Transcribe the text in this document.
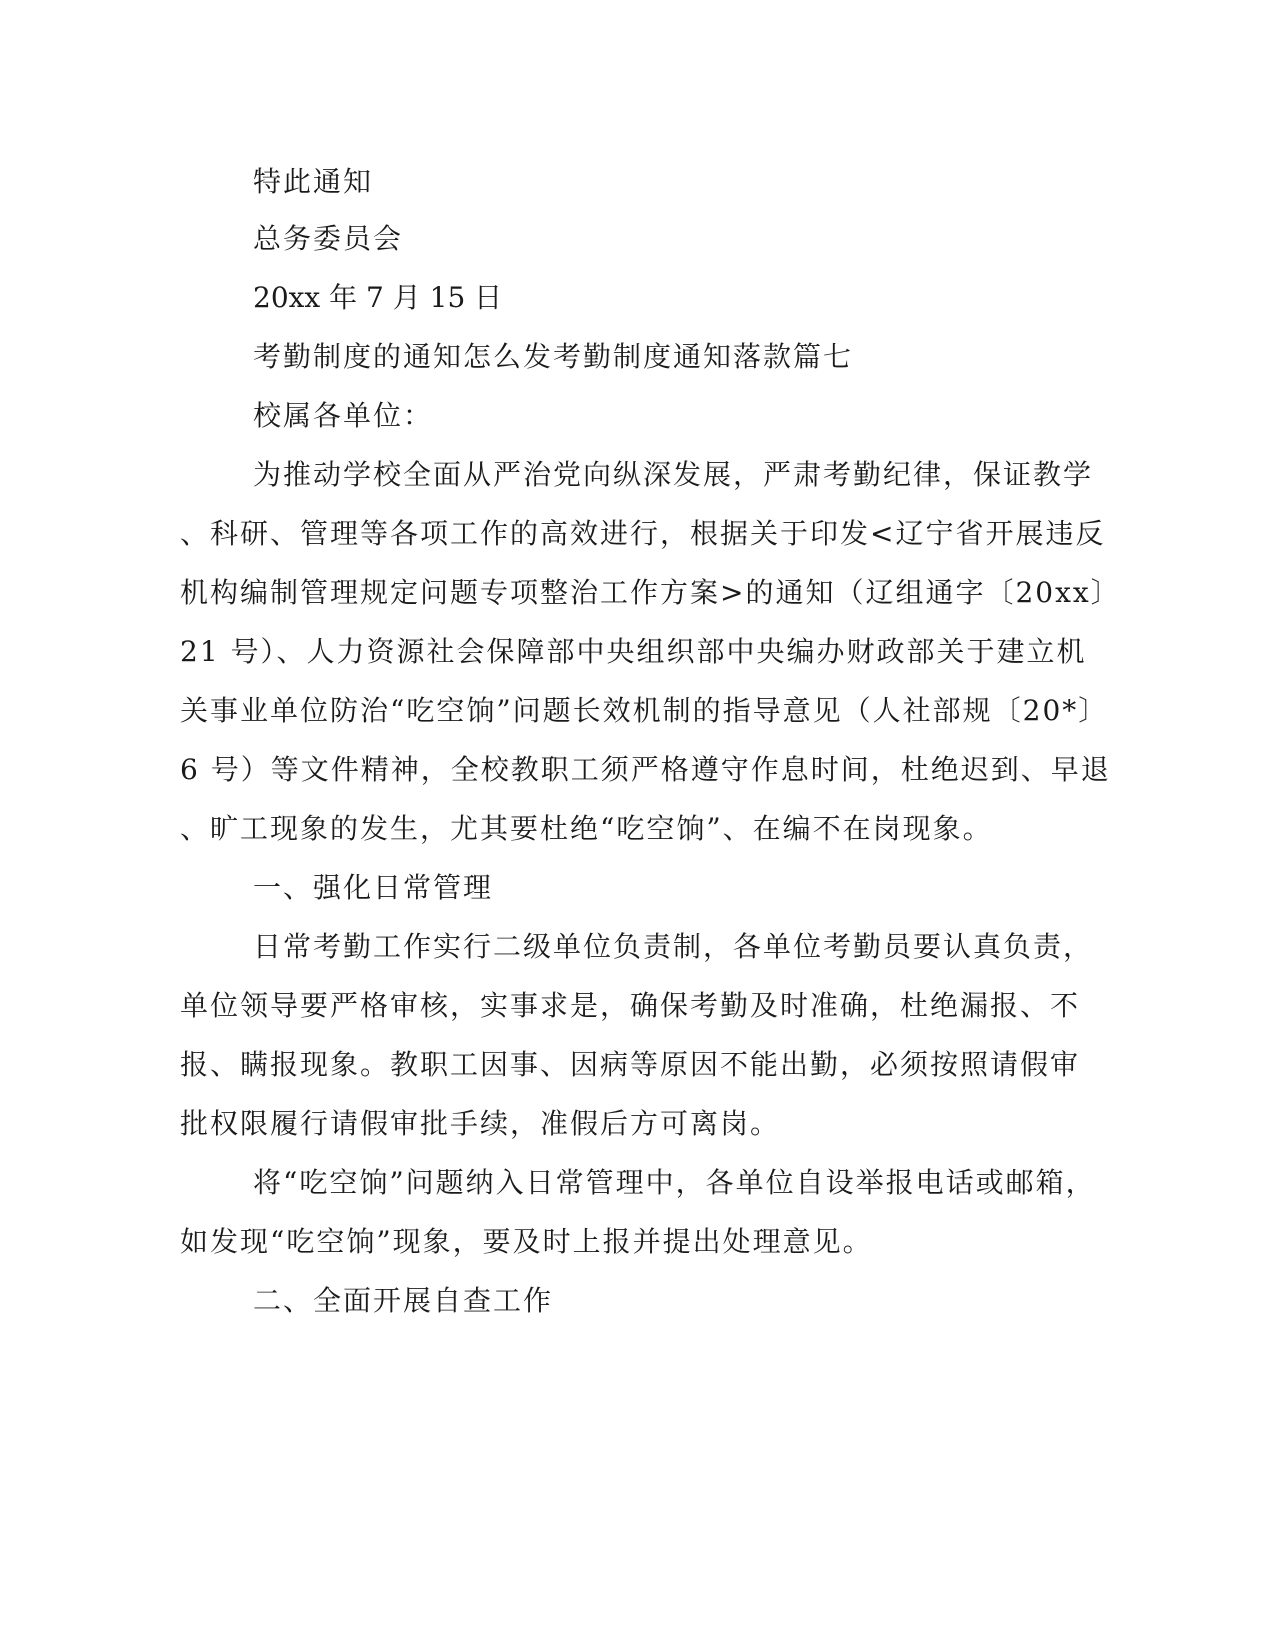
特此通知

总务委员会

20xx 年 7 月 15 日

考勤制度的通知怎么发考勤制度通知落款篇七

校属各单位：

为推动学校全面从严治党向纵深发展，严肃考勤纪律，保证教学

、科研、管理等各项工作的高效进行，根据关于印发<辽宁省开展违反

机构编制管理规定问题专项整治工作方案>的通知（辽组通字〔20xx〕

21 号）、人力资源社会保障部中央组织部中央编办财政部关于建立机

关事业单位防治“吃空饷”问题长效机制的指导意见（人社部规〔20*〕

6 号）等文件精神，全校教职工须严格遵守作息时间，杜绝迟到、早退

、旷工现象的发生，尤其要杜绝“吃空饷”、在编不在岗现象。

一、强化日常管理

日常考勤工作实行二级单位负责制，各单位考勤员要认真负责，

单位领导要严格审核，实事求是，确保考勤及时准确，杜绝漏报、不

报、瞒报现象。教职工因事、因病等原因不能出勤，必须按照请假审

批权限履行请假审批手续，准假后方可离岗。

将“吃空饷”问题纳入日常管理中，各单位自设举报电话或邮箱，

如发现“吃空饷”现象，要及时上报并提出处理意见。

二、全面开展自查工作
